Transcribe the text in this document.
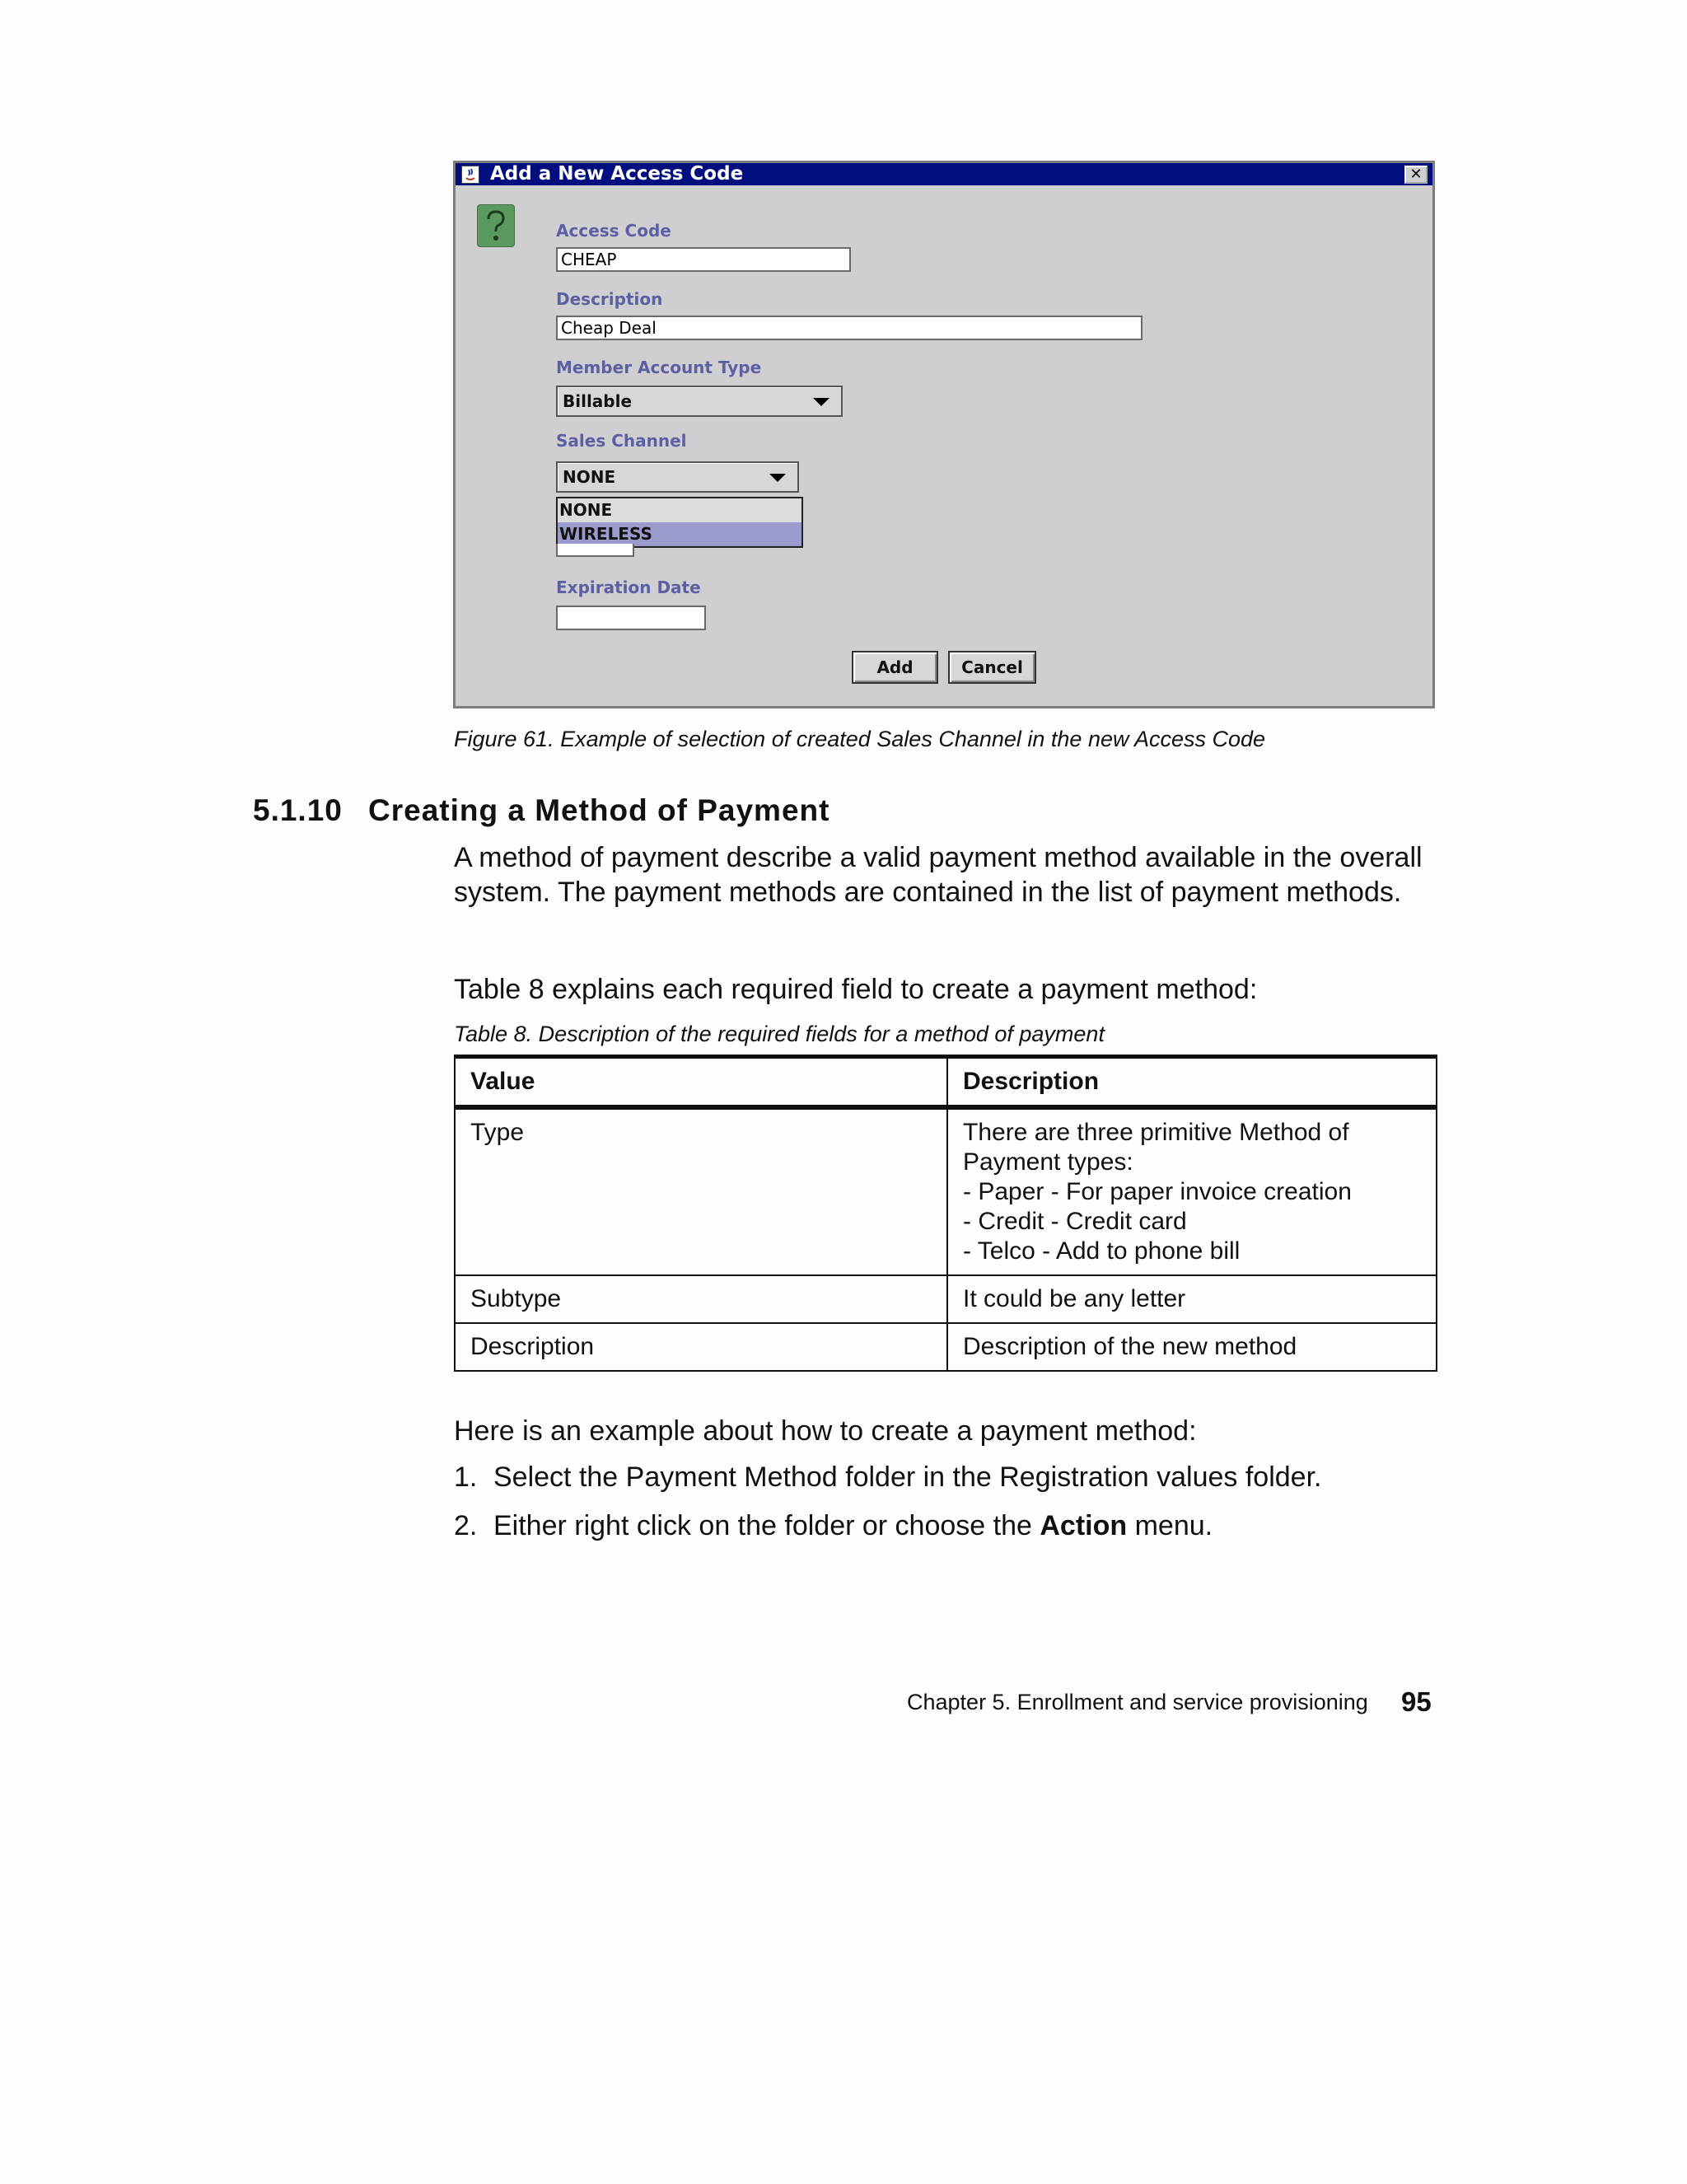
Add a New Access Code	✕
Access Code
CHEAP
Description
Cheap Deal
Member Account Type
Billable
Sales Channel
NONE
NONE
WIRELESS
Expiration Date
Add	Cancel
Figure 61. Example of selection of created Sales Channel in the new Access Code
5.1.10 Creating a Method of Payment
A method of payment describe a valid payment method available in the overall system. The payment methods are contained in the list of payment methods.
Table 8 explains each required field to create a payment method:
Table 8. Description of the required fields for a method of payment
Value	Description
Type	There are three primitive Method of
Payment types:
- Paper - For paper invoice creation
- Credit - Credit card
- Telco - Add to phone bill

Subtype	It could be any letter

Description	Description of the new method
Here is an example about how to create a payment method:
1. Select the Payment Method folder in the Registration values folder.
2. Either right click on the folder or choose the Action menu.
Chapter 5. Enrollment and service provisioning 95
